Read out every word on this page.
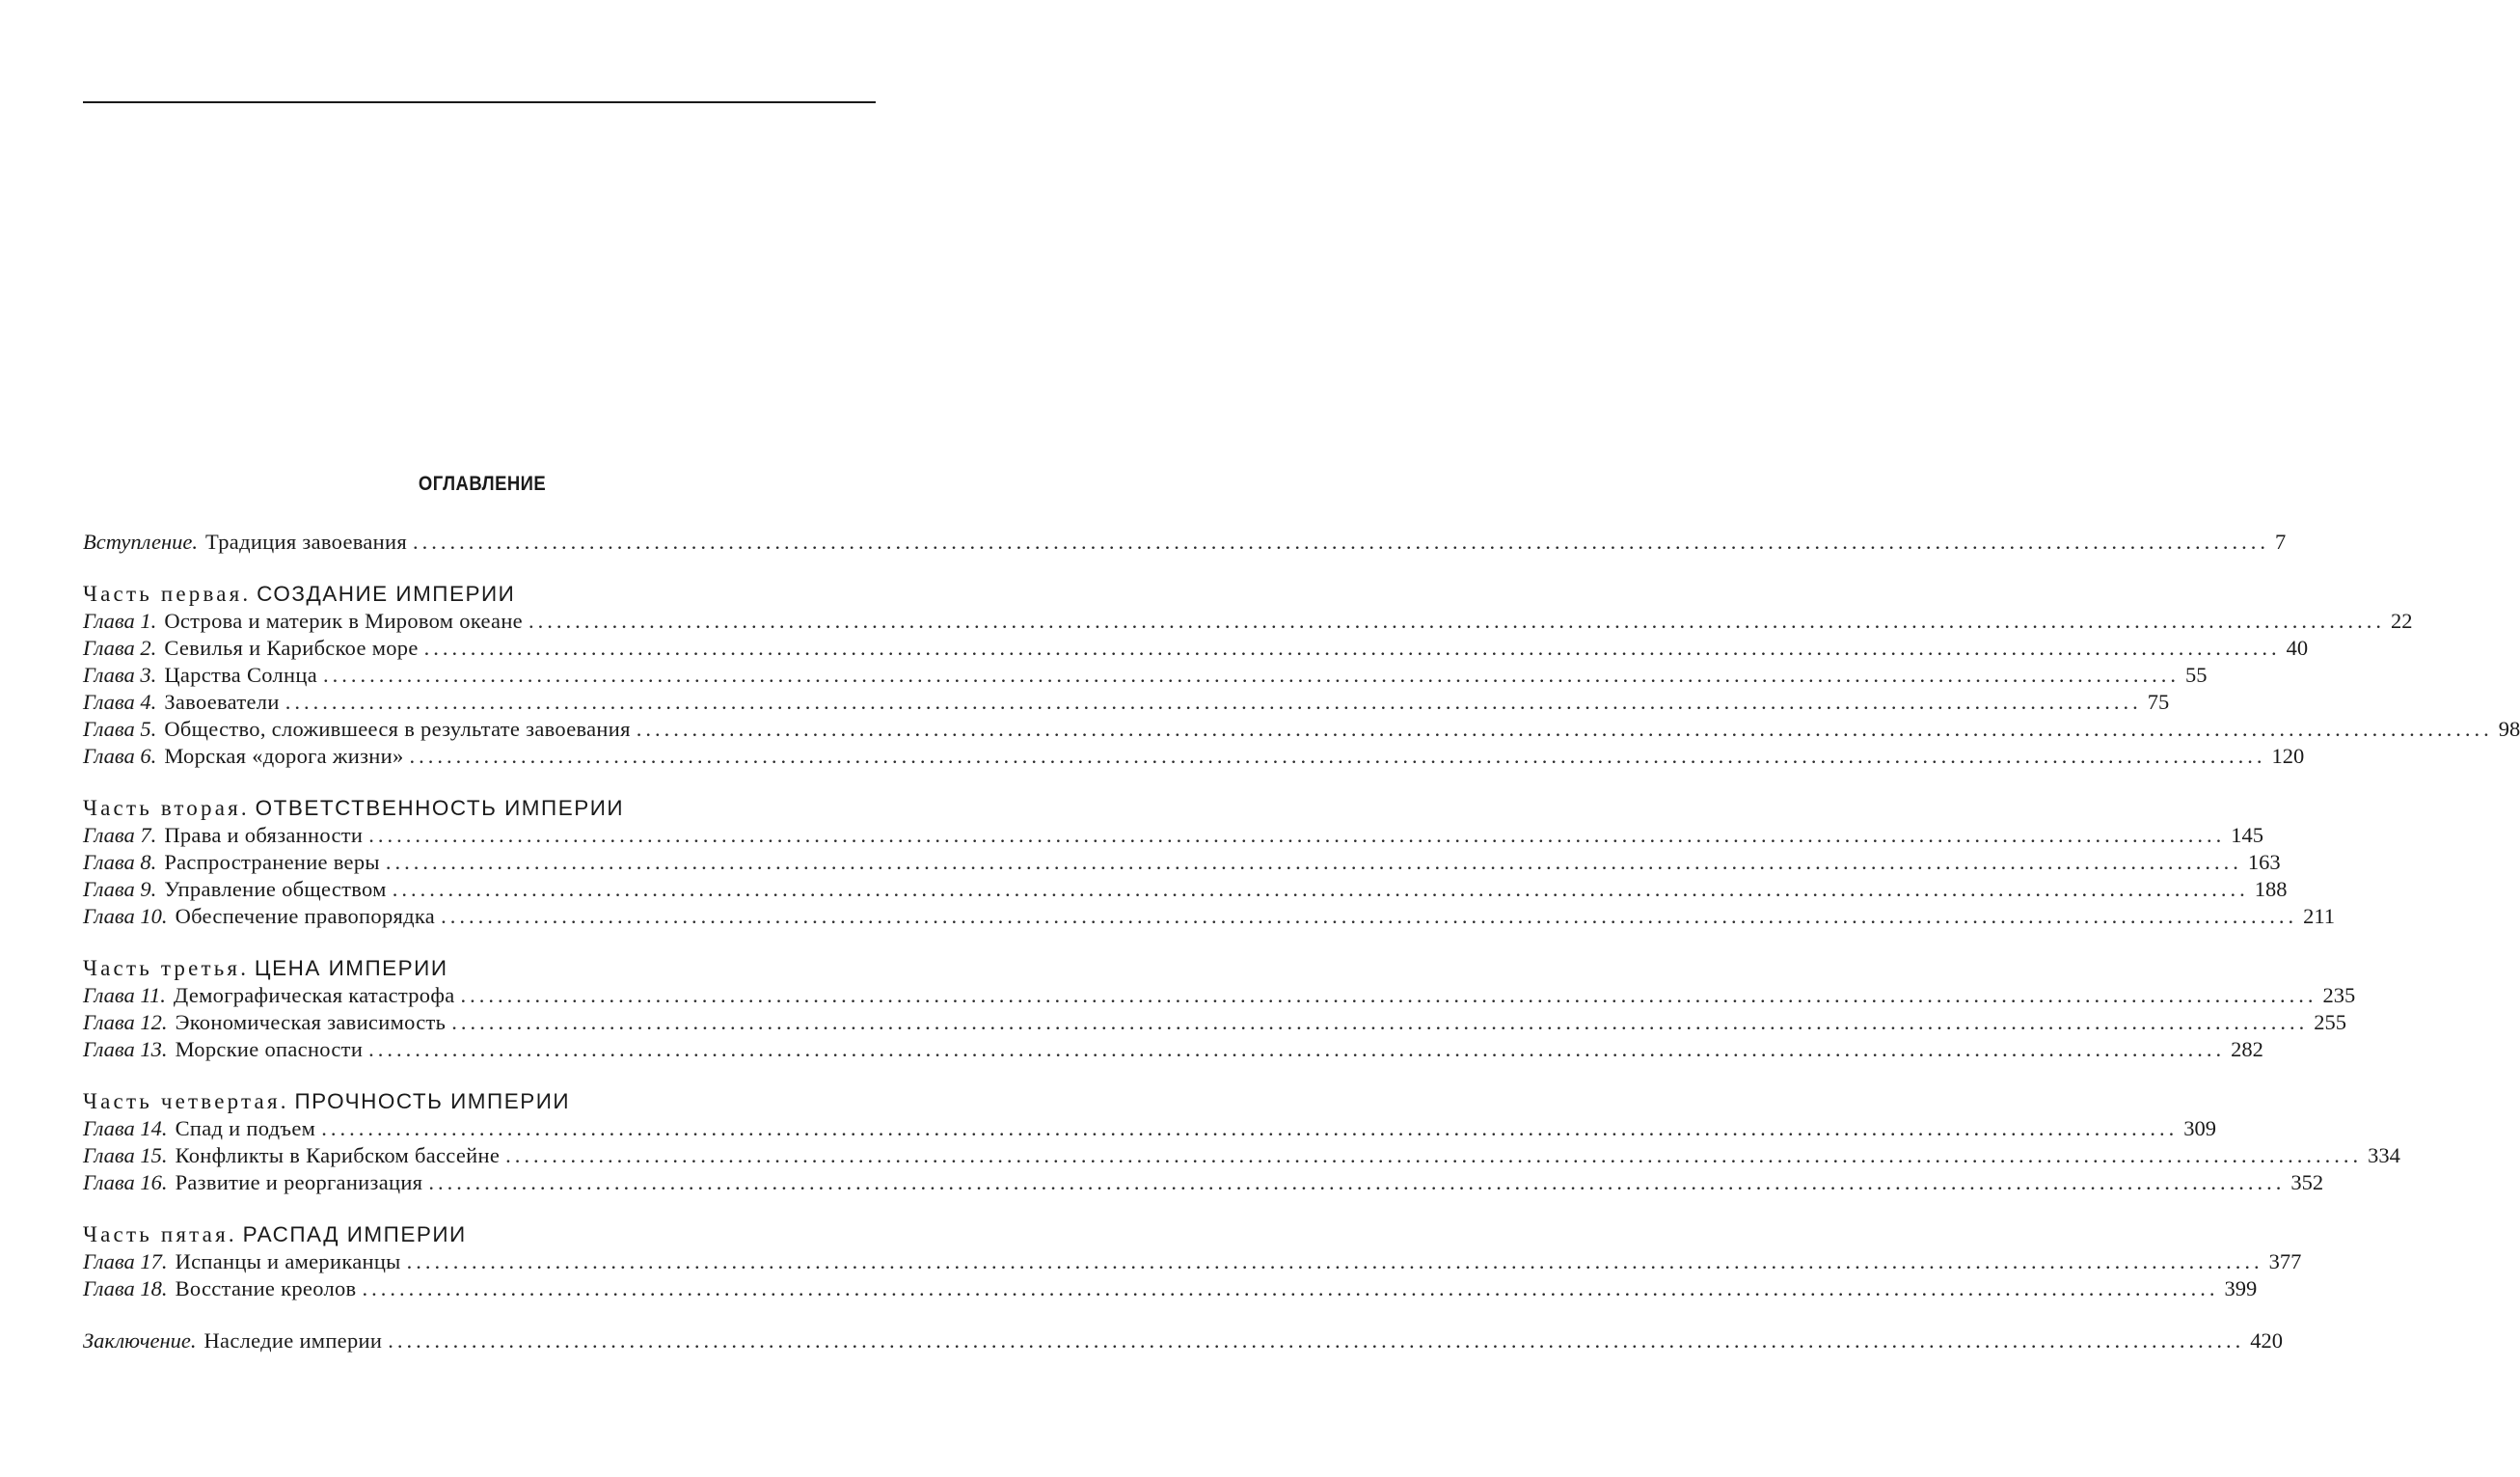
ОГЛАВЛЕНИЕ
Вступление. Традиция завоевания ........................................................................................................................................................................................................ 7
Часть первая. СОЗДАНИЕ ИМПЕРИИ
Глава 1. Острова и материк в Мировом океане ........................................................................................................................................................................................................ 22
Глава 2. Севилья и Карибское море ........................................................................................................................................................................................................ 40
Глава 3. Царства Солнца ........................................................................................................................................................................................................ 55
Глава 4. Завоеватели ........................................................................................................................................................................................................ 75
Глава 5. Общество, сложившееся в результате завоевания ........................................................................................................................................................................................................ 98
Глава 6. Морская «дорога жизни» ........................................................................................................................................................................................................ 120
Часть вторая. ОТВЕТСТВЕННОСТЬ ИМПЕРИИ
Глава 7. Права и обязанности ........................................................................................................................................................................................................ 145
Глава 8. Распространение веры ........................................................................................................................................................................................................ 163
Глава 9. Управление обществом ........................................................................................................................................................................................................ 188
Глава 10. Обеспечение правопорядка ........................................................................................................................................................................................................ 211
Часть третья. ЦЕНА ИМПЕРИИ
Глава 11. Демографическая катастрофа ........................................................................................................................................................................................................ 235
Глава 12. Экономическая зависимость ........................................................................................................................................................................................................ 255
Глава 13. Морские опасности ........................................................................................................................................................................................................ 282
Часть четвертая. ПРОЧНОСТЬ ИМПЕРИИ
Глава 14. Спад и подъем ........................................................................................................................................................................................................ 309
Глава 15. Конфликты в Карибском бассейне ........................................................................................................................................................................................................ 334
Глава 16. Развитие и реорганизация ........................................................................................................................................................................................................ 352
Часть пятая. РАСПАД ИМПЕРИИ
Глава 17. Испанцы и американцы ........................................................................................................................................................................................................ 377
Глава 18. Восстание креолов ........................................................................................................................................................................................................ 399
Заключение. Наследие империи ........................................................................................................................................................................................................ 420
